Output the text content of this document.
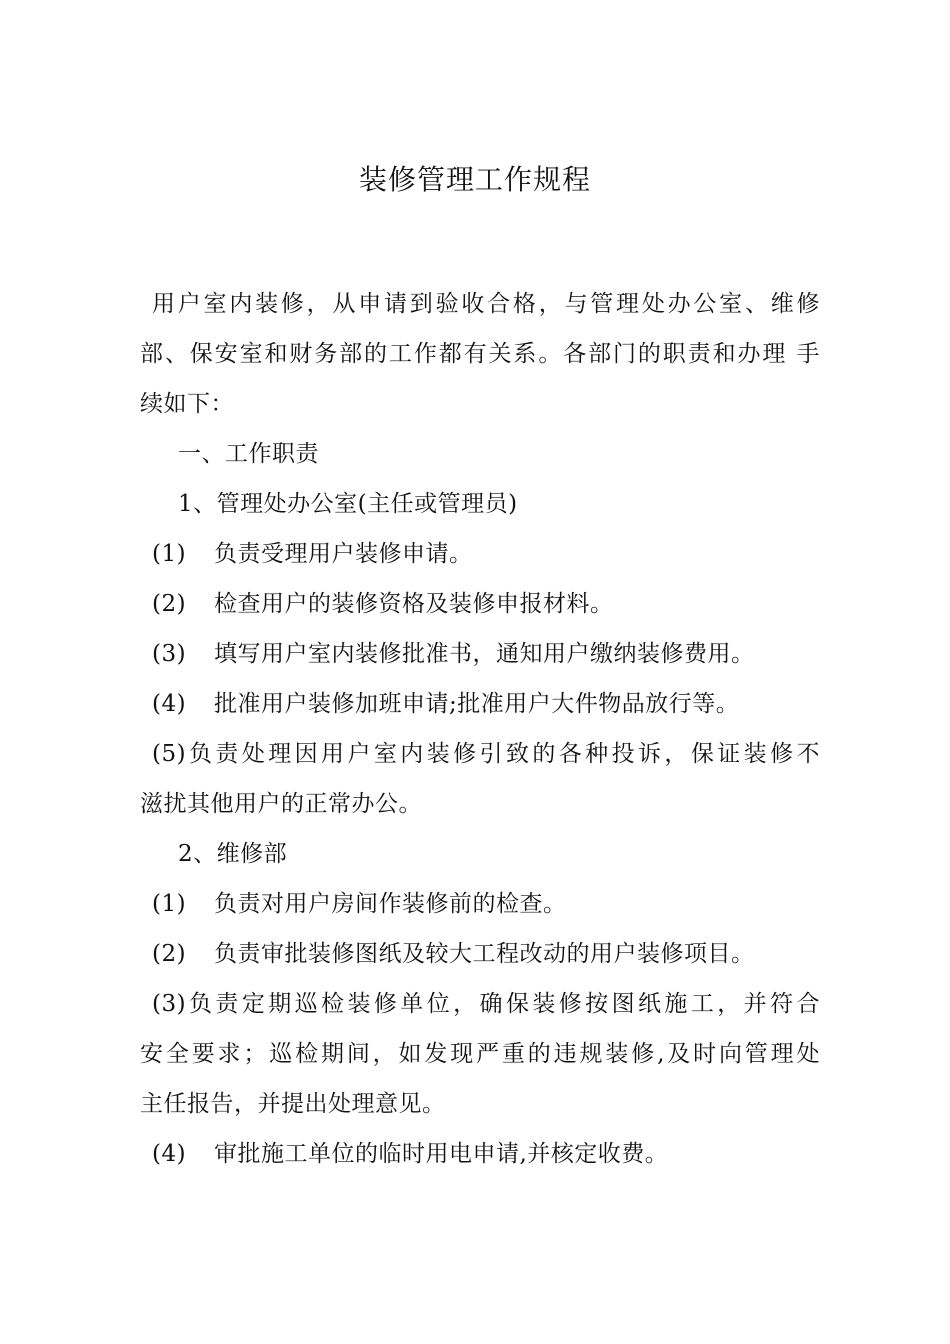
装修管理工作规程
用户室内装修，从申请到验收合格，与管理处办公室、维修
部、保安室和财务部的工作都有关系。各部门的职责和办理 手
续如下：
一、工作职责
1、管理处办公室(主任或管理员)
(1) 负责受理用户装修申请。
(2) 检查用户的装修资格及装修申报材料。
(3) 填写用户室内装修批准书，通知用户缴纳装修费用。
(4) 批准用户装修加班申请;批准用户大件物品放行等。
(5)负责处理因用户室内装修引致的各种投诉，保证装修不
滋扰其他用户的正常办公。
2、维修部
(1) 负责对用户房间作装修前的检查。
(2) 负责审批装修图纸及较大工程改动的用户装修项目。
(3)负责定期巡检装修单位，确保装修按图纸施工，并符合
安全要求；巡检期间，如发现严重的违规装修,及时向管理处
主任报告，并提出处理意见。
(4) 审批施工单位的临时用电申请,并核定收费。
